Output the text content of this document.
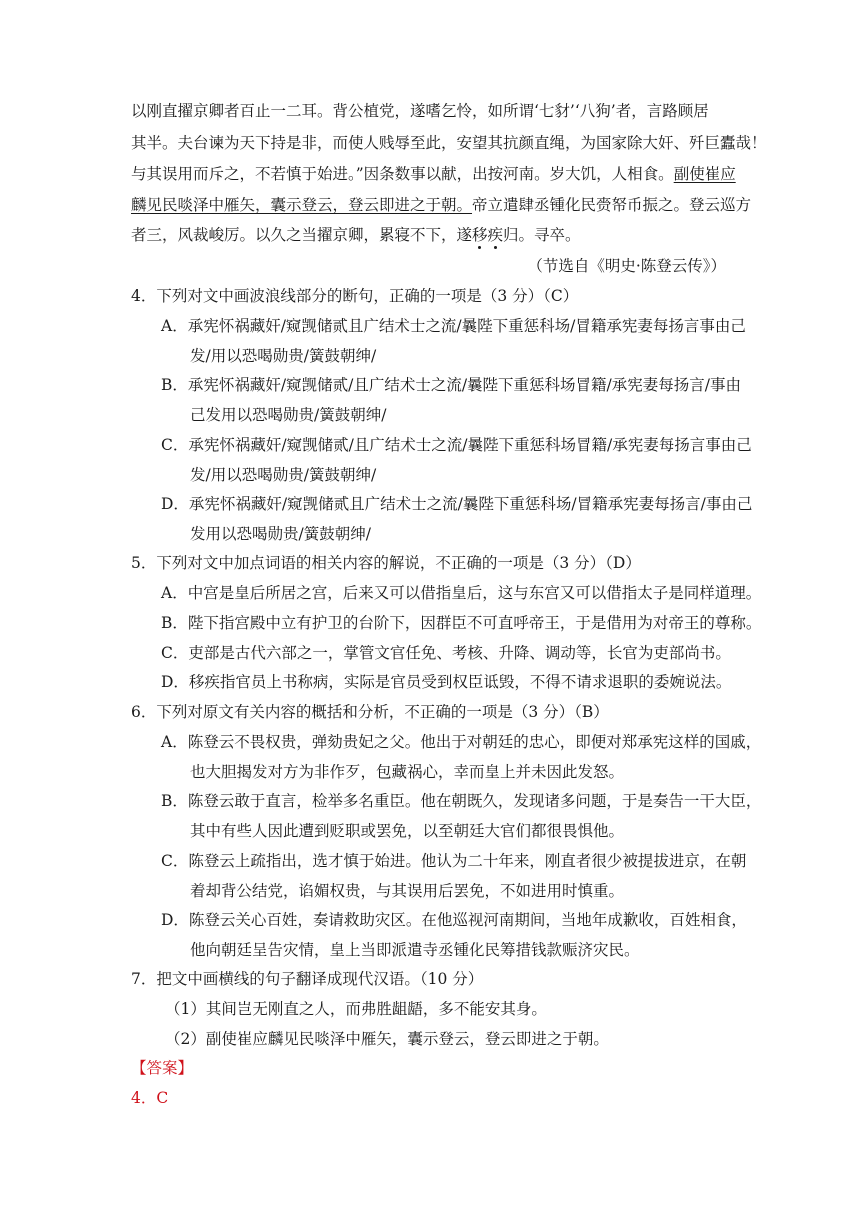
以刚直擢京卿者百止一二耳。背公植党，遂嗜乞怜，如所谓‘七豺’‘八狗’者，言路顾居
其半。夫台谏为天下持是非，而使人贱辱至此，安望其抗颜直绳，为国家除大奸、歼巨蠹哉！
与其误用而斥之，不若慎于始进。”因条数事以献，出按河南。岁大饥，人相食。副使崔应
麟见民啖泽中雁矢，囊示登云，登云即进之于朝。帝立遣肆丞锺化民赍帑币振之。登云巡方
者三，风裁峻厉。以久之当擢京卿，累寝不下，遂移疾归。寻卒。
（节选自《明史·陈登云传》）
4．下列对文中画波浪线部分的断句，正确的一项是（3 分）（C）
A．承宪怀祸藏奸/窥觊储贰且广结术士之流/曩陛下重惩科场/冒籍承宪妻每扬言事由己
发/用以恐喝勋贵/簧鼓朝绅/
B．承宪怀祸藏奸/窥觊储贰/且广结术士之流/曩陛下重惩科场冒籍/承宪妻每扬言/事由
己发用以恐喝勋贵/簧鼓朝绅/
C．承宪怀祸藏奸/窥觊储贰/且广结术士之流/曩陛下重惩科场冒籍/承宪妻每扬言事由己
发/用以恐喝勋贵/簧鼓朝绅/
D．承宪怀祸藏奸/窥觊储贰且广结术士之流/曩陛下重惩科场/冒籍承宪妻每扬言/事由己
发用以恐喝勋贵/簧鼓朝绅/
5．下列对文中加点词语的相关内容的解说，不正确的一项是（3 分）（D）
A．中宫是皇后所居之宫，后来又可以借指皇后，这与东宫又可以借指太子是同样道理。
B．陛下指宫殿中立有护卫的台阶下，因群臣不可直呼帝王，于是借用为对帝王的尊称。
C．吏部是古代六部之一，掌管文官任免、考核、升降、调动等，长官为吏部尚书。
D．移疾指官员上书称病，实际是官员受到权臣诋毁，不得不请求退职的委婉说法。
6．下列对原文有关内容的概括和分析，不正确的一项是（3 分）（B）
A．陈登云不畏权贵，弹劾贵妃之父。他出于对朝廷的忠心，即便对郑承宪这样的国戚，
也大胆揭发对方为非作歹，包藏祸心，幸而皇上并未因此发怒。
B．陈登云敢于直言，检举多名重臣。他在朝既久，发现诸多问题，于是奏告一干大臣，
其中有些人因此遭到贬职或罢免，以至朝廷大官们都很畏惧他。
C．陈登云上疏指出，选才慎于始进。他认为二十年来，刚直者很少被提拔进京，在朝
着却背公结党，谄媚权贵，与其误用后罢免，不如进用时慎重。
D．陈登云关心百姓，奏请救助灾区。在他巡视河南期间，当地年成歉收，百姓相食，
他向朝廷呈告灾情，皇上当即派遣寺丞锺化民筹措钱款赈济灾民。
7．把文中画横线的句子翻译成现代汉语。（10 分）
（1）其间岂无刚直之人，而弗胜龃龉，多不能安其身。
（2）副使崔应麟见民啖泽中雁矢，囊示登云，登云即进之于朝。
【答案】
4．C
